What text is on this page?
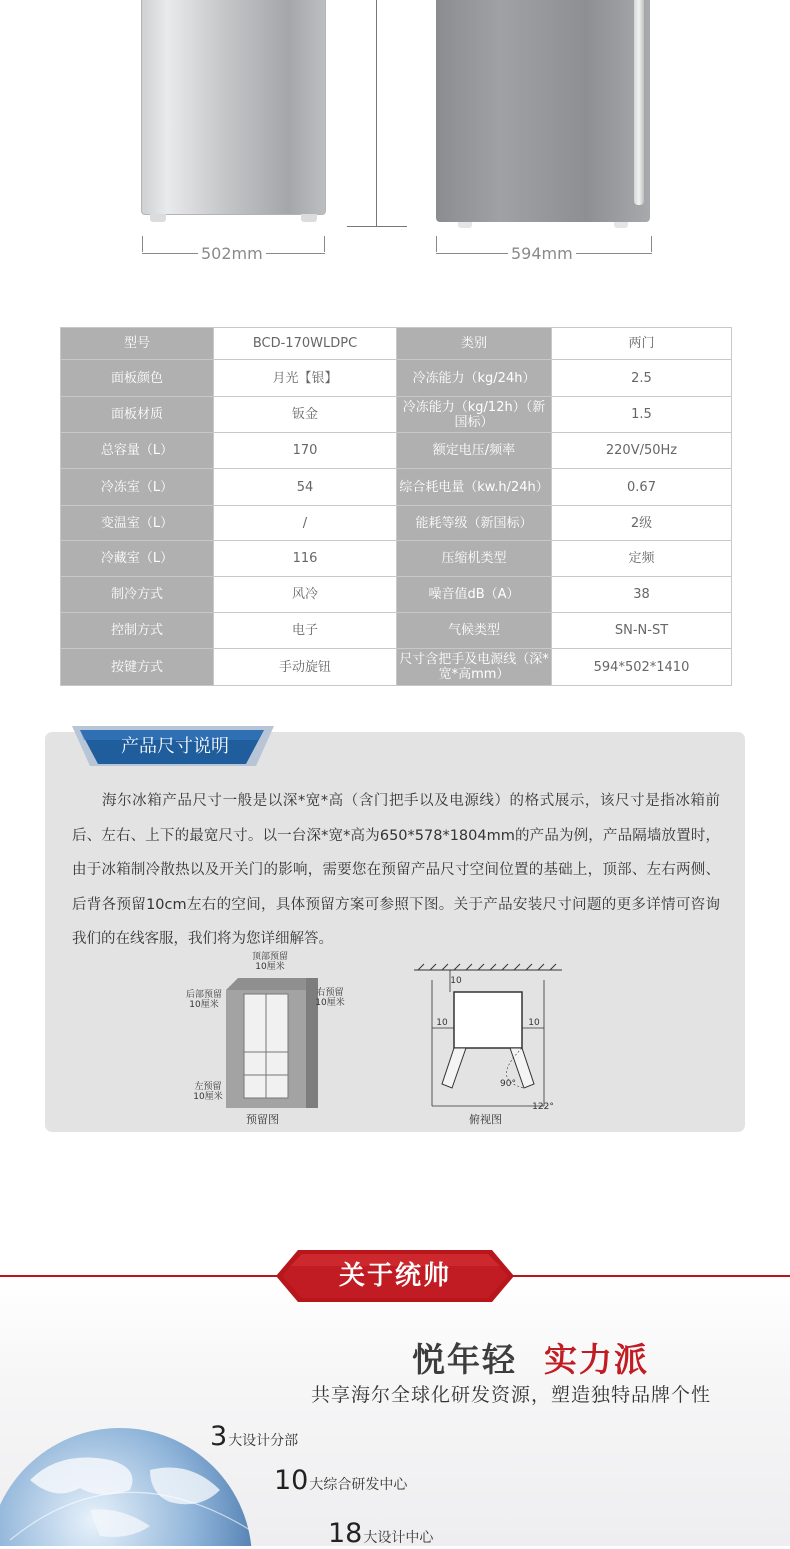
502mm	594mm
型号	BCD-170WLDPC	类别	两门
面板颜色	月光【银】	冷冻能力（kg/24h）	2.5
面板材质	钣金	冷冻能力（kg/12h）（新国标）	1.5
总容量（L）	170	额定电压/频率	220V/50Hz
冷冻室（L）	54	综合耗电量（kw.h/24h）	0.67
变温室（L）	/	能耗等级（新国标）	2级
冷藏室（L）	116	压缩机类型	定频
制冷方式	风冷	噪音值dB（A）	38
控制方式	电子	气候类型	SN-N-ST
按键方式	手动旋钮	尺寸含把手及电源线（深*宽*高mm）	594*502*1410
产品尺寸说明
海尔冰箱产品尺寸一般是以深*宽*高（含门把手以及电源线）的格式展示，该尺寸是指冰箱前后、左右、上下的最宽尺寸。以一台深*宽*高为650*578*1804mm的产品为例，产品隔墙放置时，由于冰箱制冷散热以及开关门的影响，需要您在预留产品尺寸空间位置的基础上，顶部、左右两侧、后背各预留10cm左右的空间，具体预留方案可参照下图。关于产品安装尺寸问题的更多详情可咨询我们的在线客服，我们将为您详细解答。
顶部预留
10厘米
后部预留
10厘米
右预留
10厘米
左预留
10厘米
预留图
10
10	10
90°
122°
俯视图
关于统帅
悦年轻 实力派
共享海尔全球化研发资源，塑造独特品牌个性
3大设计分部
10大综合研发中心
18大设计中心
